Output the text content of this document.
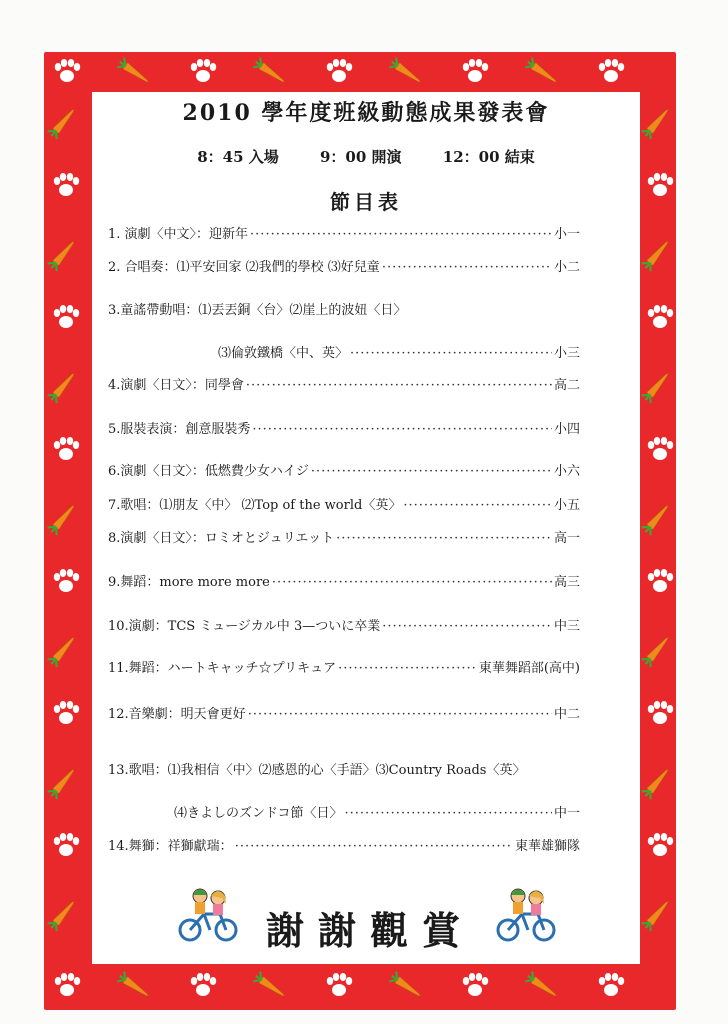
2010 學年度班級動態成果發表會
8：45 入場	9：00 開演	12：00 結束
節目表
1. 演劇〈中文〉：迎新年 ·····	小一
2. 合唱奏：⑴平安回家 ⑵我們的學校 ⑶好兒童 ·····	小二
3.童謠帶動唱：⑴丟丟銅〈台〉⑵崖上的波妞〈日〉
⑶倫敦鐵橋〈中、英〉 ·····	小三
4.演劇〈日文〉：同學會 ·····	高二
5.服裝表演：創意服裝秀 ·····	小四
6.演劇〈日文〉：低燃費少女ハイジ ·····	小六
7.歌唱：⑴朋友〈中〉 ⑵Top of the world〈英〉 ·····	小五
8.演劇〈日文〉：ロミオとジュリエット ·····	高一
9.舞蹈：more more more ·····	高三
10.演劇：TCS ミュージカル中 3—ついに卒業 ·····	中三
11.舞蹈：ハートキャッチ☆プリキュア ·····	東華舞蹈部(高中)
12.音樂劇：明天會更好 ·····	中二
13.歌唱：⑴我相信〈中〉⑵感恩的心〈手語〉⑶Country Roads〈英〉
⑷きよしのズンドコ節〈日〉 ·····	中一
14.舞獅：祥獅獻瑞： ·····	東華雄獅隊
謝謝觀賞
